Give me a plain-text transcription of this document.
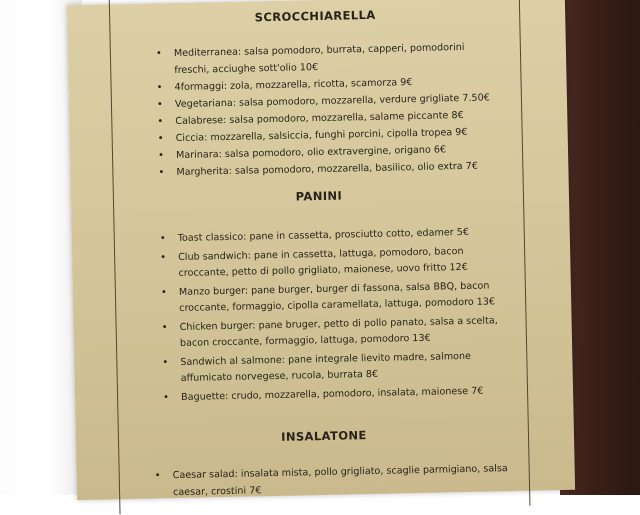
SCROCCHIARELLA
• Mediterranea: salsa pomodoro, burrata, capperi, pomodorini freschi, acciughe sott'olio 10€
• 4formaggi: zola, mozzarella, ricotta, scamorza 9€
• Vegetariana: salsa pomodoro, mozzarella, verdure grigliate 7.50€
• Calabrese: salsa pomodoro, mozzarella, salame piccante 8€
• Ciccia: mozzarella, salsiccia, funghi porcini, cipolla tropea 9€
• Marinara: salsa pomodoro, olio extravergine, origano 6€
• Margherita: salsa pomodoro, mozzarella, basilico, olio extra 7€
PANINI
• Toast classico: pane in cassetta, prosciutto cotto, edamer 5€
• Club sandwich: pane in cassetta, lattuga, pomodoro, bacon croccante, petto di pollo grigliato, maionese, uovo fritto 12€
• Manzo burger: pane burger, burger di fassona, salsa BBQ, bacon croccante, formaggio, cipolla caramellata, lattuga, pomodoro 13€
• Chicken burger: pane bruger, petto di pollo panato, salsa a scelta, bacon croccante, formaggio, lattuga, pomodoro 13€
• Sandwich al salmone: pane integrale lievito madre, salmone affumicato norvegese, rucola, burrata 8€
• Baguette: crudo, mozzarella, pomodoro, insalata, maionese 7€
INSALATONE
• Caesar salad: insalata mista, pollo grigliato, scaglie parmigiano, salsa caesar, crostini 7€
